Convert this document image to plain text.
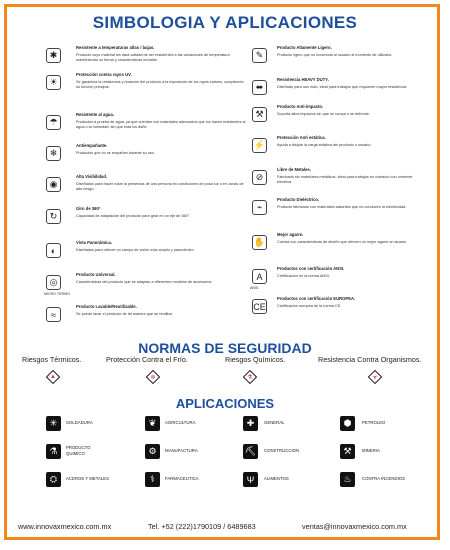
SIMBOLOGIA Y APLICACIONES
✱
Resistente a temperaturas altas / bajas.
Producto cuyo material les dará calidad de ser resistentes a las variaciones de temperatura manteniendo su forma y características iniciales.
☀
Protección contra rayos UV.
Se garantiza la resistencia y duración del producto a la exposición de los rayos solares, cumpliendo su función principal.
☂
Resistente al agua.
Productos a prueba de agua, ya que cuentan con materiales adecuados que los hacen resistentes al agua o la humedad, sin que esta los dañe.
❄
Antiempañante.
Productos que no se empañan durante su uso.
◉
Alta Visibilidad.
Diseñados para hacer notar la presencia de una persona en condiciones de poca luz o en zonas de alto riesgo.
↻
Giro de 360°
Capacidad de adaptación del producto para girar en un eje de 360°.
◐
Vista Panorámica.
Diseñados para ofrecer un campo de visión más amplio y panorámico.
◎
MICRO TERMO
Producto Universal.
Características del producto que se adaptan a diferentes modelos de accesorios.
≈
Producto Lavable/Reutilizable.
Se puede lavar el producto de tal manera que se reutilice.
✎
Producto Altamente Ligero.
Producto ligero que no incomoda al usuario al momento de utilizarlo.
⬌
Resistencia HEAVY DUTY.
Diseñado para uso rudo, ideal para trabajos que requieren mayor resistencia.
⚒
Producto Anti-impacto.
Soporta altos impactos sin que se rompa o se deforme.
⚡
Protección Anti estática.
Ayuda a disipar la carga estática del producto o usuario.
⊘
Libre de Metales.
Fabricado sin materiales metálicos, ideal para trabajos en contacto con corriente eléctrica.
⌁
Producto Dieléctrico.
Producto fabricado con materiales aislantes que no conducen la electricidad.
✋
Mejor agarre.
Cuenta con características de diseño que ofrecen un mejor agarre al usuario.
A
ANSI
Productos con certificación ANSI.
Certificación en la norma ANSI.
CE
Productos con certificación EUROPEA.
Certificación europea de la norma CE.
NORMAS DE SEGURIDAD
Riesgos Térmicos.
▲
Protección Contra el Frío.
❄
Riesgos Químicos.
⚗
Resistencia Contra Organismos.
☣
APLICACIONES
✳	SOLDADURA	❦	AGRICULTURA	✚	GENERAL	⬢	PETROLEO
⚗	PRODUCTO QUIMICO	⚙	MANUFACTURA	⛏	CONSTRUCCION	⚒	MINERIA
⛭	ACEROS Y METALES	⚕	FARMACEUTICA	Ψ	ALIMENTOS	♨	CONTRA INCENDIOS
www.innovaxmexico.com.mx	Tel. +52 (222)1790109 / 6489683	ventas@innovaxmexico.com.mx
